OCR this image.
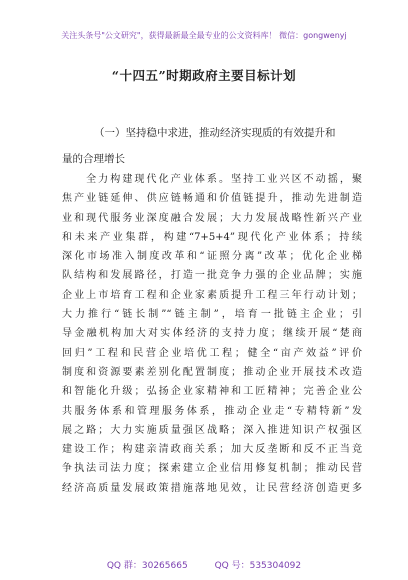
关注头条号"公文研究"，获得最新最全最专业的公文资料库！ 微信：gongwenyj
“十四五”时期政府主要目标计划
（一）坚持稳中求进，推动经济实现质的有效提升和
量的合理增长
全力构建现代化产业体系。坚持工业兴区不动摇，聚
焦产业链延伸、供应链畅通和价值链提升，推动先进制造
业和现代服务业深度融合发展；大力发展战略性新兴产业
和未来产业集群，构建“7+5+4”现代化产业体系；持续
深化市场准入制度改革和“证照分离”改革；优化企业梯
队结构和发展路径，打造一批竞争力强的企业品牌；实施
企业上市培育工程和企业家素质提升工程三年行动计划；
大力推行“链长制”“链主制”，培育一批链主企业；引
导金融机构加大对实体经济的支持力度；继续开展“楚商
回归”工程和民营企业培优工程；健全“亩产效益”评价
制度和资源要素差别化配置制度；推动企业开展技术改造
和智能化升级；弘扬企业家精神和工匠精神；完善企业公
共服务体系和管理服务体系，推动企业走“专精特新”发
展之路；大力实施质量强区战略；深入推进知识产权强区
建设工作；构建亲清政商关系；加大反垄断和反不正当竞
争执法司法力度；探索建立企业信用修复机制；推动民营
经济高质量发展政策措施落地见效，让民营经济创造更多
QQ 群：30265665	QQ 号：535304092
